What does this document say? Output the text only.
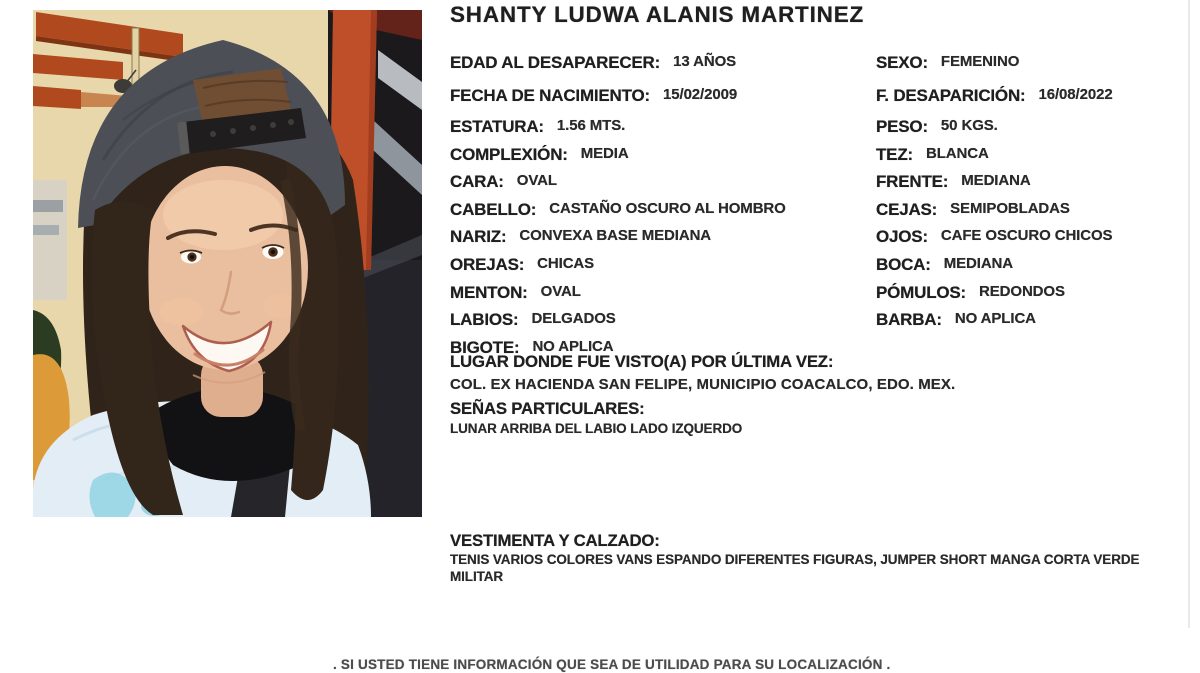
SHANTY LUDWA ALANIS MARTINEZ
EDAD AL DESAPARECER: 13 AÑOS
FECHA DE NACIMIENTO: 15/02/2009
ESTATURA: 1.56 MTS.
COMPLEXIÓN: MEDIA
CARA: OVAL
CABELLO: CASTAÑO OSCURO AL HOMBRO
NARIZ: CONVEXA BASE MEDIANA
OREJAS: CHICAS
MENTON: OVAL
LABIOS: DELGADOS
BIGOTE: NO APLICA
SEXO: FEMENINO
F. DESAPARICIÓN: 16/08/2022
PESO: 50 KGS.
TEZ: BLANCA
FRENTE: MEDIANA
CEJAS: SEMIPOBLADAS
OJOS: CAFE OSCURO CHICOS
BOCA: MEDIANA
PÓMULOS: REDONDOS
BARBA: NO APLICA
LUGAR DONDE FUE VISTO(A) POR ÚLTIMA VEZ:
COL. EX HACIENDA SAN FELIPE, MUNICIPIO COACALCO, EDO. MEX.
SEÑAS PARTICULARES:
LUNAR ARRIBA DEL LABIO LADO IZQUERDO
VESTIMENTA Y CALZADO:
TENIS VARIOS COLORES VANS ESPANDO DIFERENTES FIGURAS, JUMPER SHORT MANGA CORTA VERDE MILITAR
. SI USTED TIENE INFORMACIÓN QUE SEA DE UTILIDAD PARA SU LOCALIZACIÓN .
